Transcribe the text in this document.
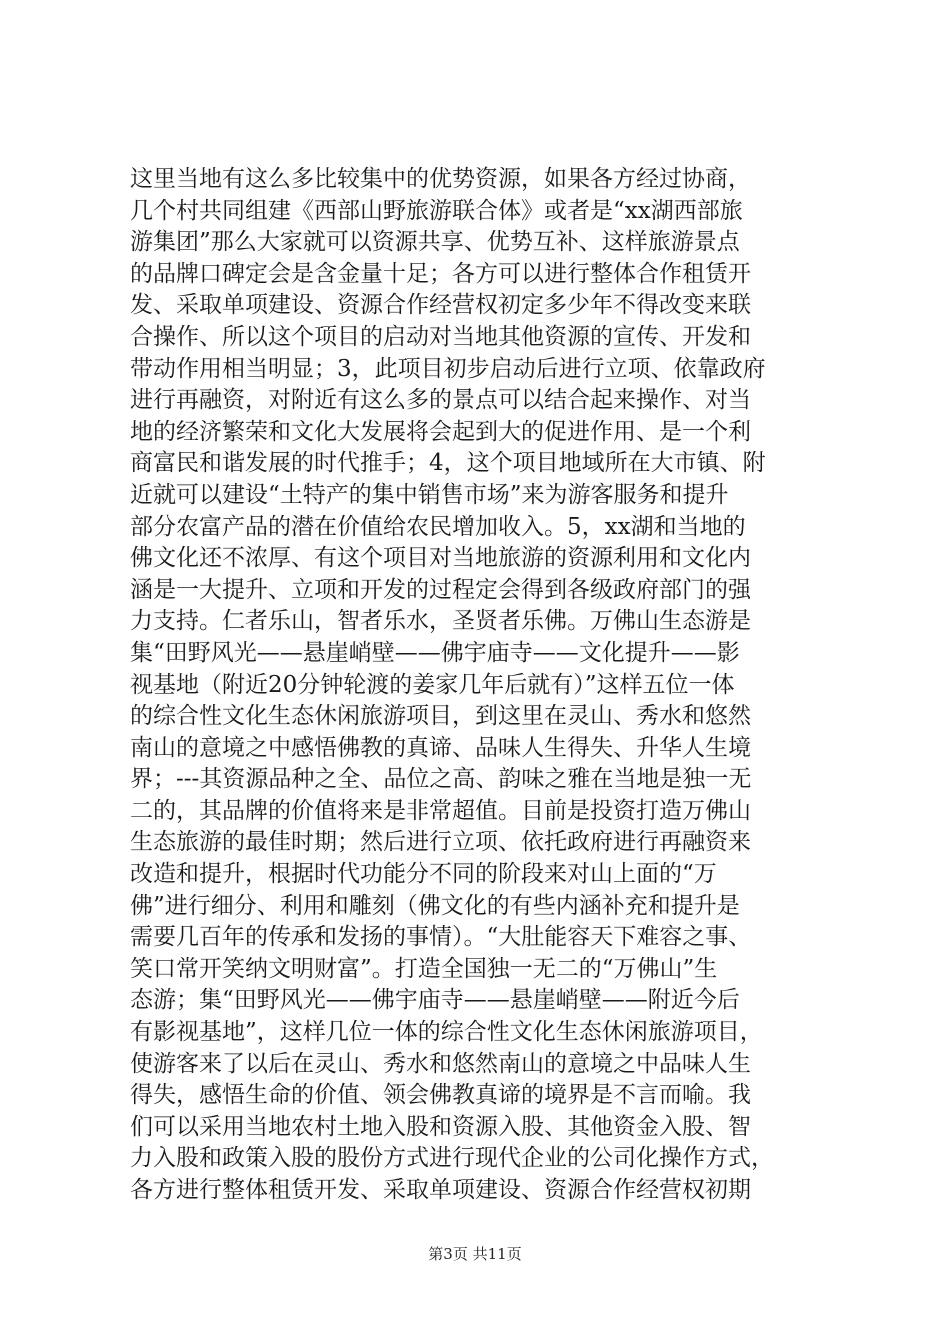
这里当地有这么多比较集中的优势资源，如果各方经过协商，
几个村共同组建《西部山野旅游联合体》或者是“xx湖西部旅
游集团”那么大家就可以资源共享、优势互补、这样旅游景点
的品牌口碑定会是含金量十足；各方可以进行整体合作租赁开
发、采取单项建设、资源合作经营权初定多少年不得改变来联
合操作、所以这个项目的启动对当地其他资源的宣传、开发和
带动作用相当明显；3，此项目初步启动后进行立项、依靠政府
进行再融资，对附近有这么多的景点可以结合起来操作、对当
地的经济繁荣和文化大发展将会起到大的促进作用、是一个利
商富民和谐发展的时代推手；4，这个项目地域所在大市镇、附
近就可以建设“土特产的集中销售市场”来为游客服务和提升
部分农富产品的潜在价值给农民增加收入。5，xx湖和当地的
佛文化还不浓厚、有这个项目对当地旅游的资源利用和文化内
涵是一大提升、立项和开发的过程定会得到各级政府部门的强
力支持。仁者乐山，智者乐水，圣贤者乐佛。万佛山生态游是
集“田野风光——悬崖峭壁——佛宇庙寺——文化提升——影
视基地（附近20分钟轮渡的姜家几年后就有）”这样五位一体
的综合性文化生态休闲旅游项目，到这里在灵山、秀水和悠然
南山的意境之中感悟佛教的真谛、品味人生得失、升华人生境
界；---其资源品种之全、品位之高、韵味之雅在当地是独一无
二的，其品牌的价值将来是非常超值。目前是投资打造万佛山
生态旅游的最佳时期；然后进行立项、依托政府进行再融资来
改造和提升，根据时代功能分不同的阶段来对山上面的“万
佛”进行细分、利用和雕刻（佛文化的有些内涵补充和提升是
需要几百年的传承和发扬的事情）。“大肚能容天下难容之事、
笑口常开笑纳文明财富”。打造全国独一无二的“万佛山”生
态游；集“田野风光——佛宇庙寺——悬崖峭壁——附近今后
有影视基地”，这样几位一体的综合性文化生态休闲旅游项目，
使游客来了以后在灵山、秀水和悠然南山的意境之中品味人生
得失，感悟生命的价值、领会佛教真谛的境界是不言而喻。我
们可以采用当地农村土地入股和资源入股、其他资金入股、智
力入股和政策入股的股份方式进行现代企业的公司化操作方式，
各方进行整体租赁开发、采取单项建设、资源合作经营权初期
第3页 共11页
